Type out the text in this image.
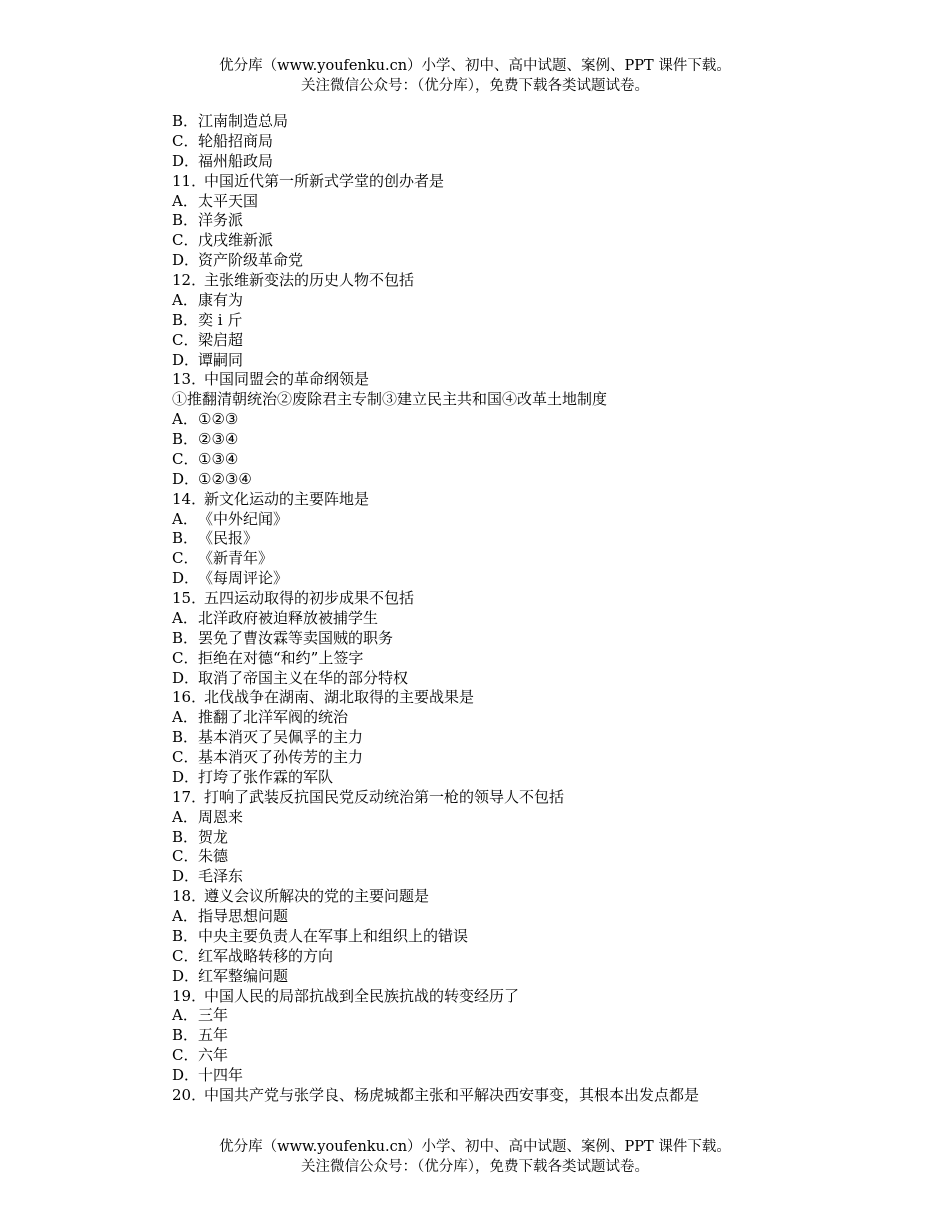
优分库（www.youfenku.cn）小学、初中、高中试题、案例、PPT 课件下载。
关注微信公众号：（优分库），免费下载各类试题试卷。
B．江南制造总局
C．轮船招商局
D．福州船政局
11．中国近代第一所新式学堂的创办者是
A．太平天国
B．洋务派
C．戊戌维新派
D．资产阶级革命党
12．主张维新变法的历史人物不包括
A．康有为
B．奕 i 斤
C．梁启超
D．谭嗣同
13．中国同盟会的革命纲领是
①推翻清朝统治②废除君主专制③建立民主共和国④改革土地制度
A．①②③
B．②③④
C．①③④
D．①②③④
14．新文化运动的主要阵地是
A．《中外纪闻》
B．《民报》
C．《新青年》
D．《每周评论》
15．五四运动取得的初步成果不包括
A．北洋政府被迫释放被捕学生
B．罢免了曹汝霖等卖国贼的职务
C．拒绝在对德“和约”上签字
D．取消了帝国主义在华的部分特权
16．北伐战争在湖南、湖北取得的主要战果是
A．推翻了北洋军阀的统治
B．基本消灭了吴佩孚的主力
C．基本消灭了孙传芳的主力
D．打垮了张作霖的军队
17．打响了武装反抗国民党反动统治第一枪的领导人不包括
A．周恩来
B．贺龙
C．朱德
D．毛泽东
18．遵义会议所解决的党的主要问题是
A．指导思想问题
B．中央主要负责人在军事上和组织上的错误
C．红军战略转移的方向
D．红军整编问题
19．中国人民的局部抗战到全民族抗战的转变经历了
A．三年
B．五年
C．六年
D．十四年
20．中国共产党与张学良、杨虎城都主张和平解决西安事变，其根本出发点都是
优分库（www.youfenku.cn）小学、初中、高中试题、案例、PPT 课件下载。
关注微信公众号：（优分库），免费下载各类试题试卷。
